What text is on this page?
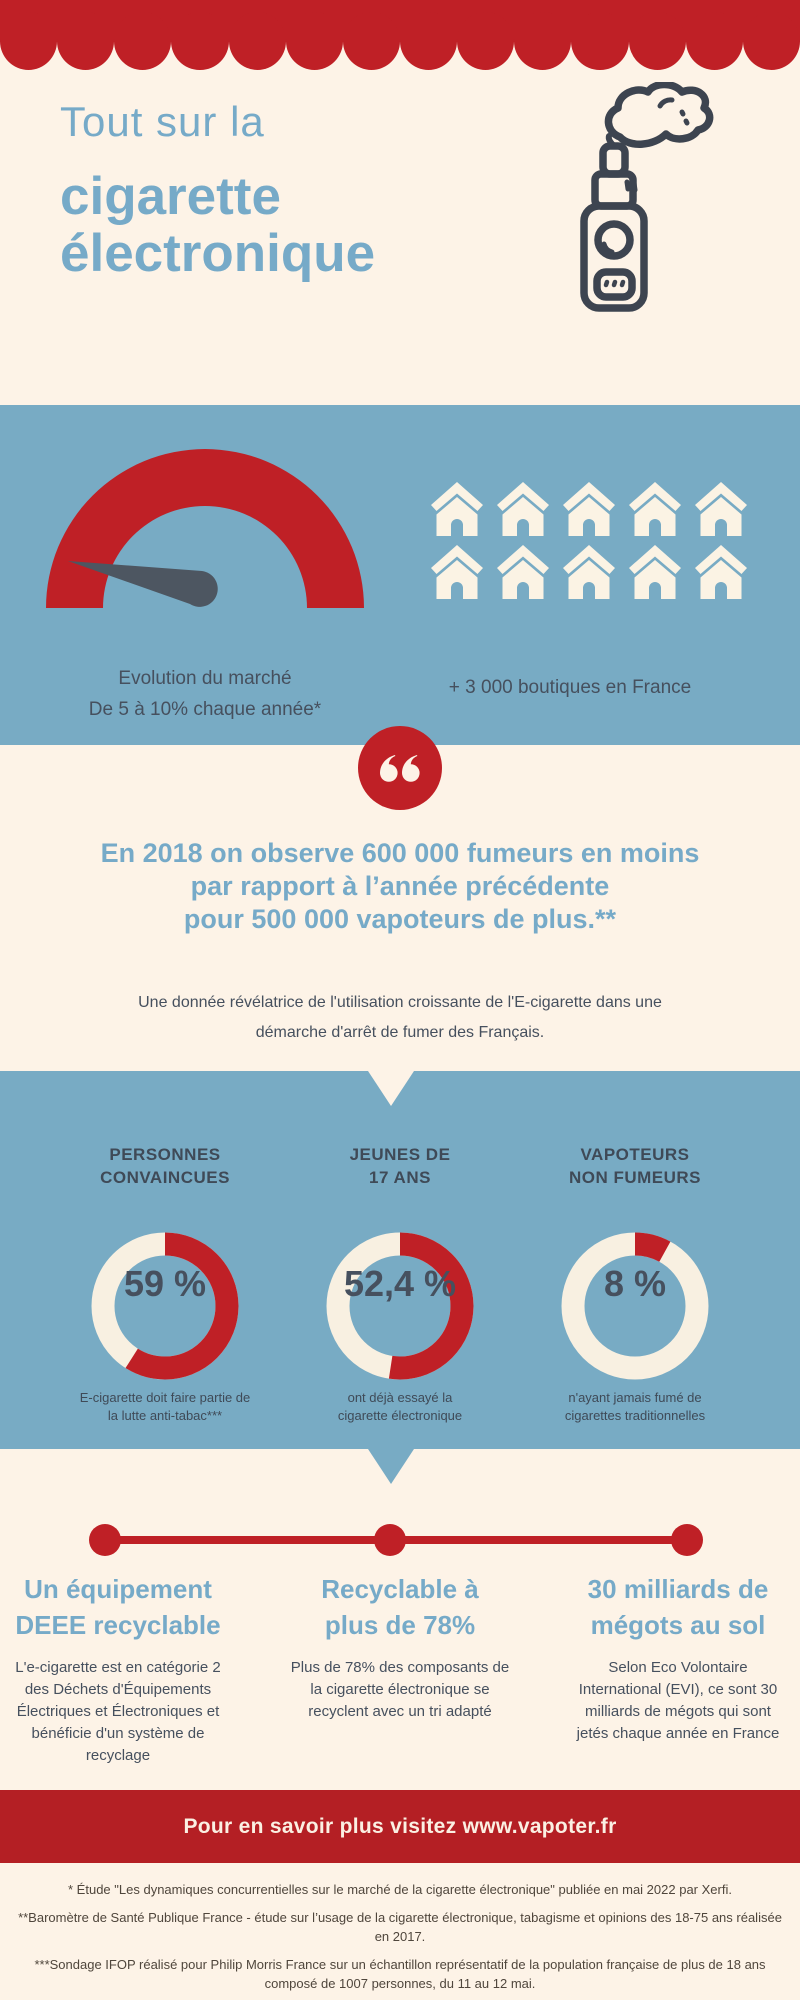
Tout sur la
cigarette
électronique
Evolution du marché
De 5 à 10% chaque année*
+ 3 000 boutiques en France
En 2018 on observe 600 000 fumeurs en moins
par rapport à l’année précédente
pour 500 000 vapoteurs de plus.**
Une donnée révélatrice de l'utilisation croissante de l'E-cigarette dans une
démarche d'arrêt de fumer des Français.
PERSONNES
CONVAINCUES
59 %
E-cigarette doit faire partie de
la lutte anti-tabac***
JEUNES DE
17 ANS
52,4 %
ont déjà essayé la
cigarette électronique
VAPOTEURS
NON FUMEURS
8 %
n'ayant jamais fumé de
cigarettes traditionnelles
Un équipement
DEEE recyclable
L'e-cigarette est en catégorie 2 des Déchets d'Équipements Électriques et Électroniques et bénéficie d'un système de recyclage
Recyclable à
plus de 78%
Plus de 78% des composants de la cigarette électronique se recyclent avec un tri adapté
30 milliards de
mégots au sol
Selon Eco Volontaire International (EVI), ce sont 30 milliards de mégots qui sont jetés chaque année en France
Pour en savoir plus visitez www.vapoter.fr

* Étude "Les dynamiques concurrentielles sur le marché de la cigarette électronique" publiée en mai 2022 par Xerfi.

**Baromètre de Santé Publique France - étude sur l’usage de la cigarette électronique, tabagisme et opinions des 18-75 ans réalisée en 2017.

***Sondage IFOP réalisé pour Philip Morris France sur un échantillon représentatif de la population française de plus de 18 ans composé de 1007 personnes, du 11 au 12 mai.
